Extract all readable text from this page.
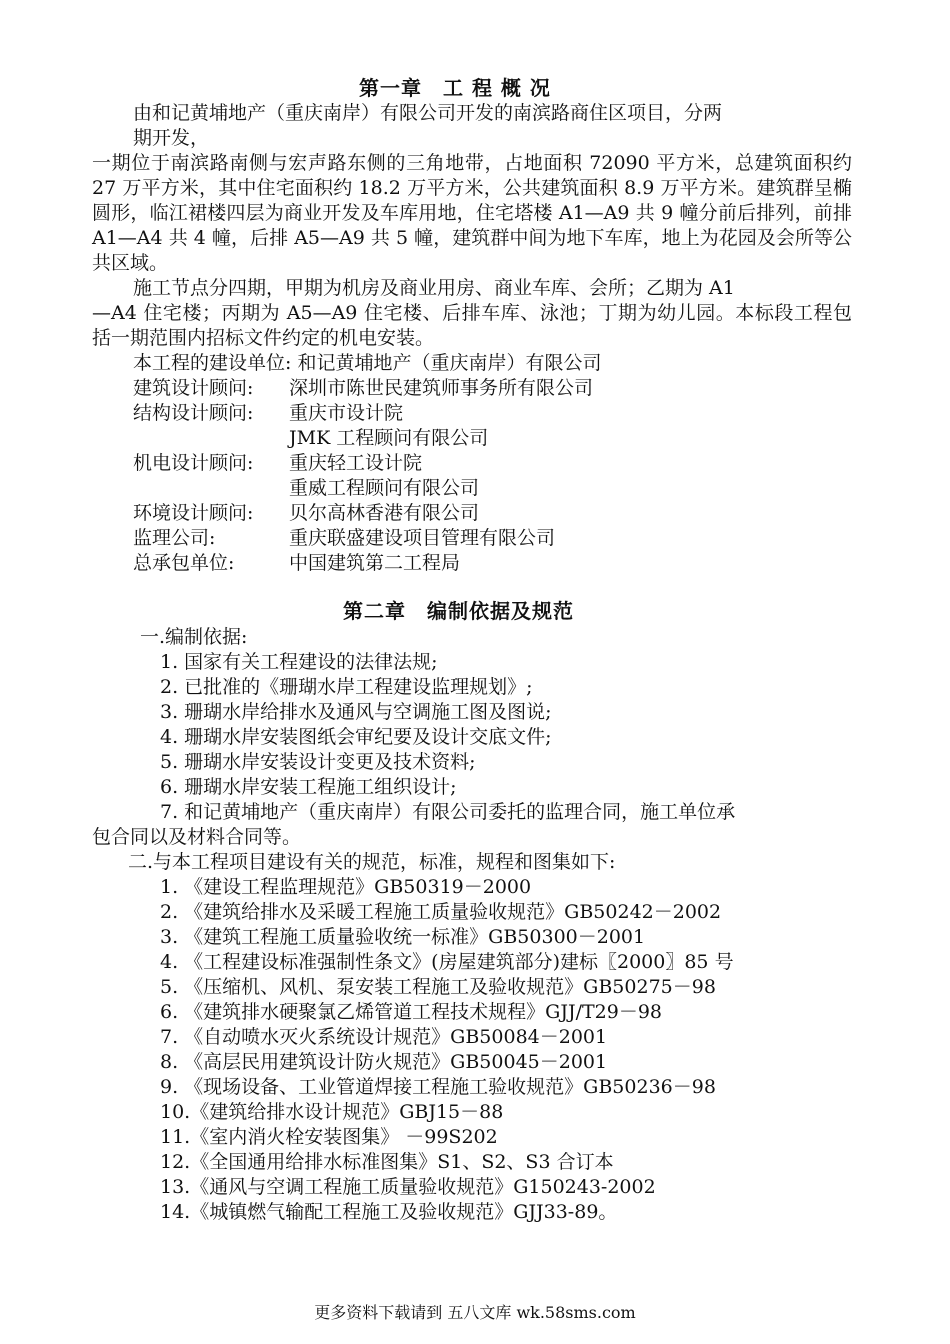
第一章　工 程 概 况
由和记黄埔地产（重庆南岸）有限公司开发的南滨路商住区项目，分两
期开发，
一期位于南滨路南侧与宏声路东侧的三角地带，占地面积 72090 平方米，总建筑面积约 27 万平方米，其中住宅面积约 18.2 万平方米，公共建筑面积 8.9 万平方米。建筑群呈椭圆形，临江裙楼四层为商业开发及车库用地，住宅塔楼 A1—A9 共 9 幢分前后排列，前排 A1—A4 共 4 幢，后排 A5—A9 共 5 幢，建筑群中间为地下车库，地上为花园及会所等公共区域。
施工节点分四期，甲期为机房及商业用房、商业车库、会所；乙期为 A1
—A4 住宅楼；丙期为 A5—A9 住宅楼、后排车库、泳池；丁期为幼儿园。本标段工程包括一期范围内招标文件约定的机电安装。
本工程的建设单位: 和记黄埔地产（重庆南岸）有限公司
建筑设计顾问: 深圳市陈世民建筑师事务所有限公司
结构设计顾问: 重庆市设计院
JMK 工程顾问有限公司
机电设计顾问: 重庆轻工设计院
重威工程顾问有限公司
环境设计顾问: 贝尔高林香港有限公司
监理公司:	重庆联盛建设项目管理有限公司
总承包单位:	中国建筑第二工程局
第二章　编制依据及规范
一.编制依据:
1. 国家有关工程建设的法律法规;
2. 已批准的《珊瑚水岸工程建设监理规划》;
3. 珊瑚水岸给排水及通风与空调施工图及图说;
4. 珊瑚水岸安装图纸会审纪要及设计交底文件;
5. 珊瑚水岸安装设计变更及技术资料;
6. 珊瑚水岸安装工程施工组织设计;
7. 和记黄埔地产（重庆南岸）有限公司委托的监理合同，施工单位承
包合同以及材料合同等。
二.与本工程项目建设有关的规范，标准，规程和图集如下:
1. 《建设工程监理规范》GB50319－2000
2. 《建筑给排水及采暖工程施工质量验收规范》GB50242－2002
3. 《建筑工程施工质量验收统一标准》GB50300－2001
4. 《工程建设标准强制性条文》(房屋建筑部分)建标〖2000〗85 号
5. 《压缩机、风机、泵安装工程施工及验收规范》GB50275－98
6. 《建筑排水硬聚氯乙烯管道工程技术规程》GJJ/T29－98
7. 《自动喷水灭火系统设计规范》GB50084－2001
8. 《高层民用建筑设计防火规范》GB50045－2001
9. 《现场设备、工业管道焊接工程施工验收规范》GB50236－98
10.《建筑给排水设计规范》GBJ15－88
11.《室内消火栓安装图集》 －99S202
12.《全国通用给排水标准图集》S1、S2、S3 合订本
13.《通风与空调工程施工质量验收规范》G150243-2002
14.《城镇燃气输配工程施工及验收规范》GJJ33-89。
更多资料下载请到 五八文库 wk.58sms.com
